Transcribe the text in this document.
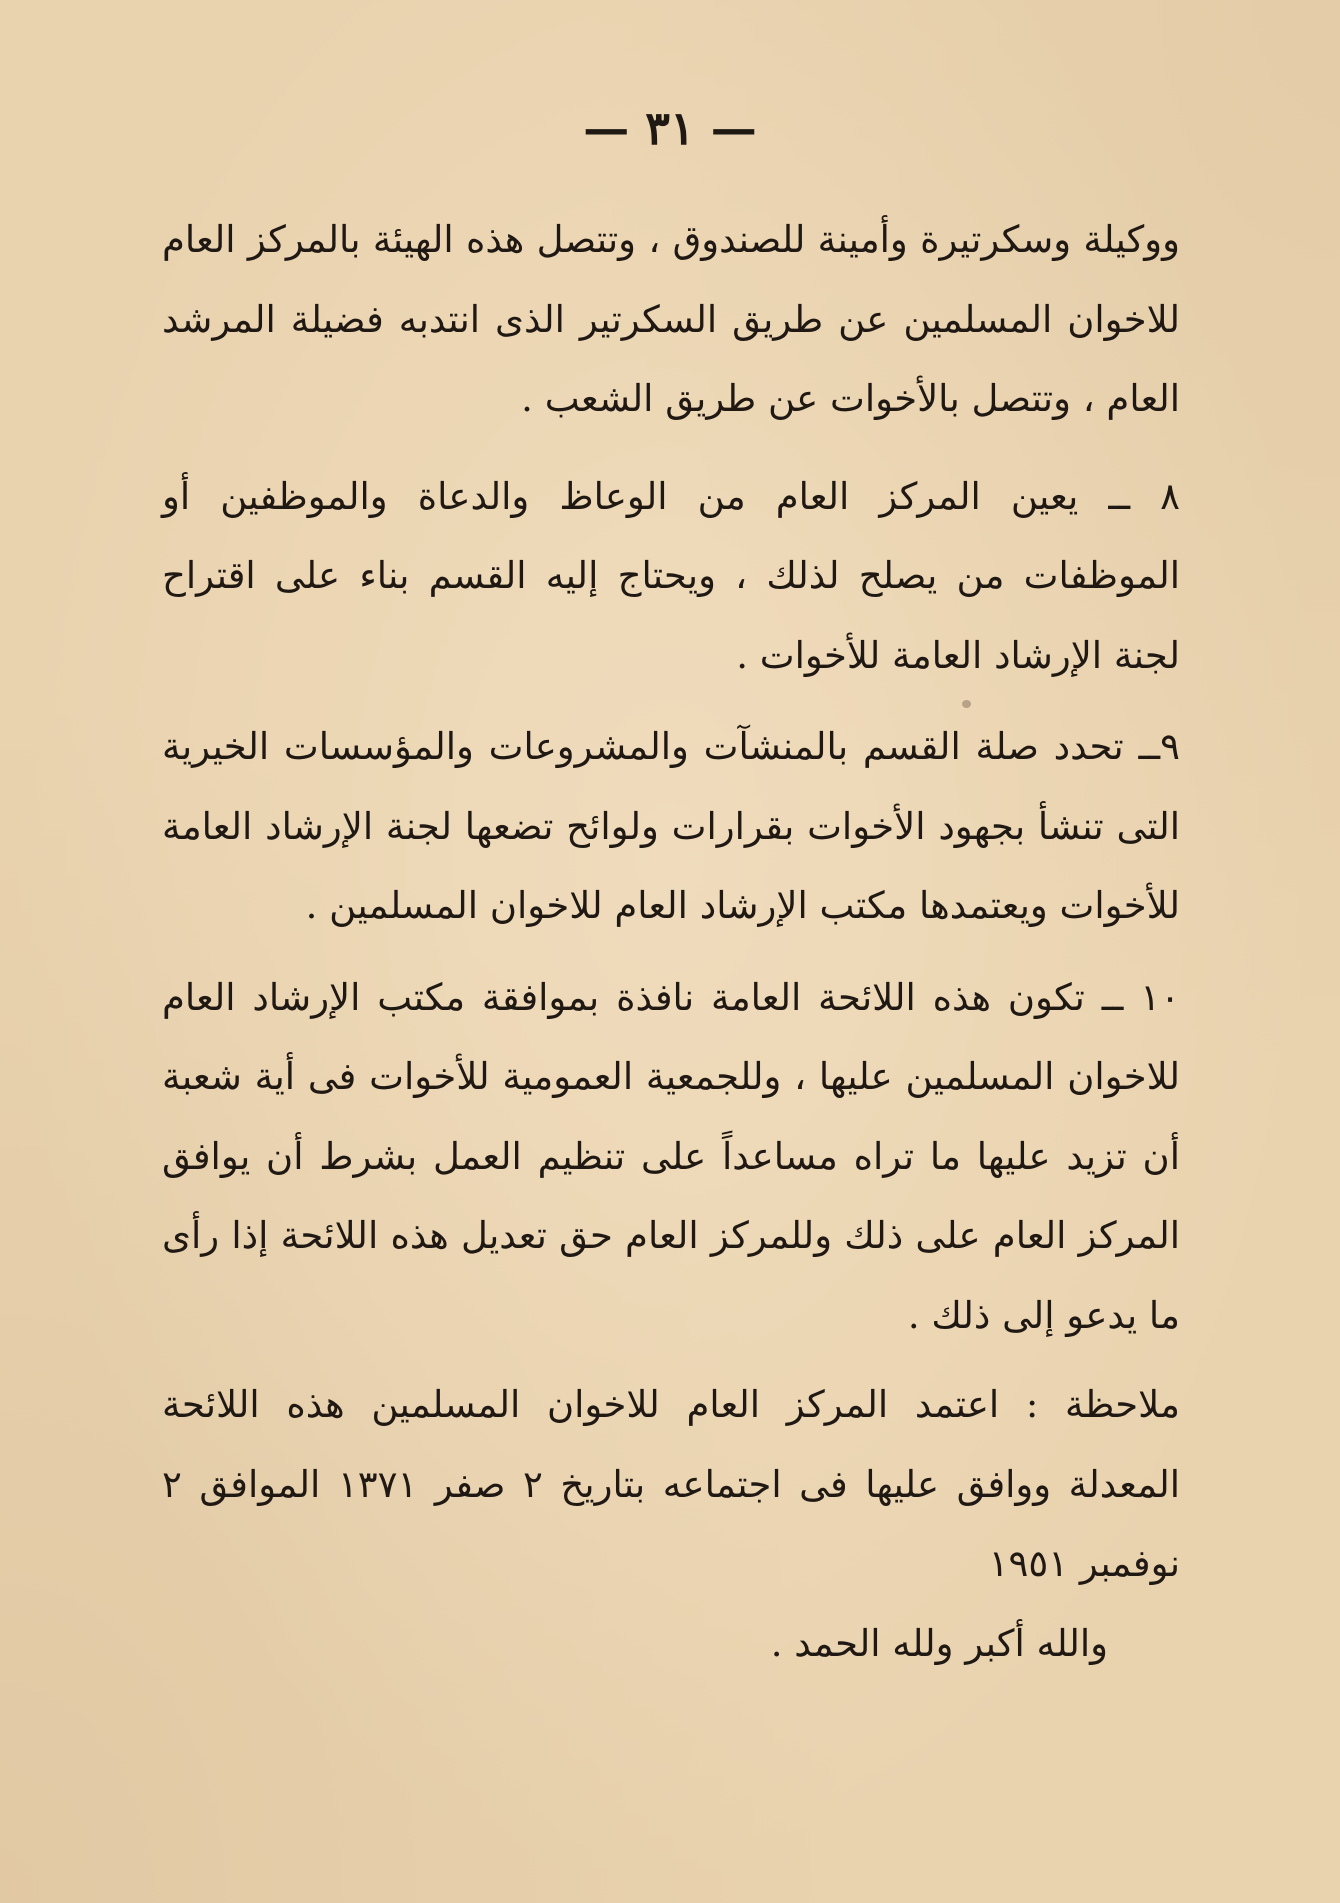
— ٣١ —

ووكيلة وسكرتيرة وأمينة للصندوق ، وتتصل هذه الهيئة بالمركز العام للاخوان المسلمين عن طريق السكرتير الذى انتدبه فضيلة المرشد العام ، وتتصل بالأخوات عن طريق الشعب .

٨ ــ يعين المركز العام من الوعاظ والدعاة والموظفين أو الموظفات من يصلح لذلك ، ويحتاج إليه القسم بناء على اقتراح لجنة الإرشاد العامة للأخوات .

٩ــ تحدد صلة القسم بالمنشآت والمشروعات والمؤسسات الخيرية التى تنشأ بجهود الأخوات بقرارات ولوائح تضعها لجنة الإرشاد العامة للأخوات ويعتمدها مكتب الإرشاد العام للاخوان المسلمين .

١٠ ــ تكون هذه اللائحة العامة نافذة بموافقة مكتب الإرشاد العام للاخوان المسلمين عليها ، وللجمعية العمومية للأخوات فى أية شعبة أن تزيد عليها ما تراه مساعداً على تنظيم العمل بشرط أن يوافق المركز العام على ذلك وللمركز العام حق تعديل هذه اللائحة إذا رأى ما يدعو إلى ذلك .

ملاحظة : اعتمد المركز العام للاخوان المسلمين هذه اللائحة المعدلة ووافق عليها فى اجتماعه بتاريخ ٢ صفر ١٣٧١ الموافق ٢ نوفمبر ١٩٥١

والله أكبر ولله الحمد .
